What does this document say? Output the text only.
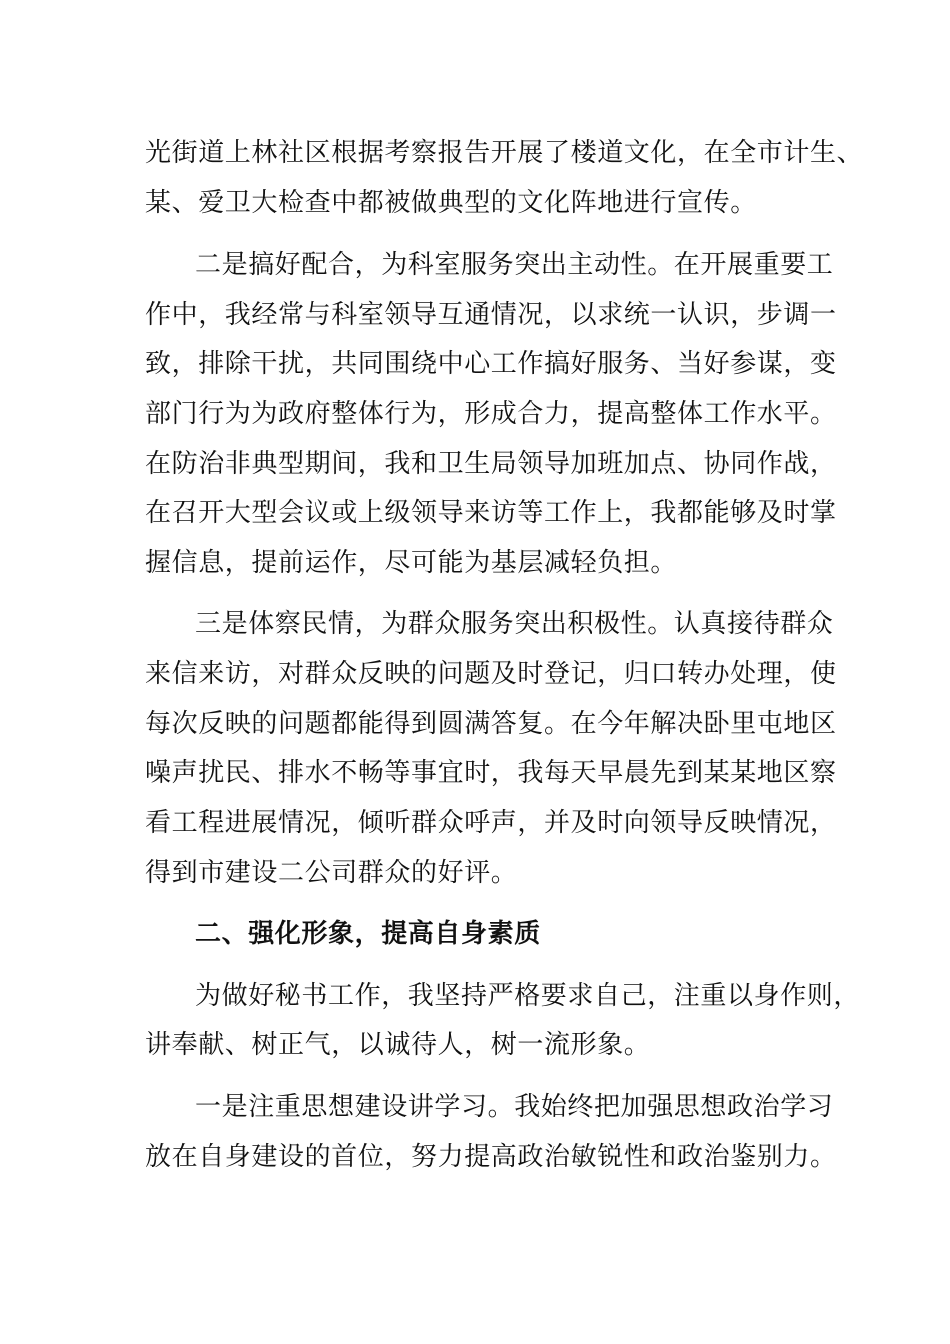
光街道上林社区根据考察报告开展了楼道文化，在全市计生、
某、爱卫大检查中都被做典型的文化阵地进行宣传。
二是搞好配合，为科室服务突出主动性。在开展重要工
作中，我经常与科室领导互通情况，以求统一认识，步调一
致，排除干扰，共同围绕中心工作搞好服务、当好参谋，变
部门行为为政府整体行为，形成合力，提高整体工作水平。
在防治非典型期间，我和卫生局领导加班加点、协同作战，
在召开大型会议或上级领导来访等工作上，我都能够及时掌
握信息，提前运作，尽可能为基层减轻负担。
三是体察民情，为群众服务突出积极性。认真接待群众
来信来访，对群众反映的问题及时登记，归口转办处理，使
每次反映的问题都能得到圆满答复。在今年解决卧里屯地区
噪声扰民、排水不畅等事宜时，我每天早晨先到某某地区察
看工程进展情况，倾听群众呼声，并及时向领导反映情况，
得到市建设二公司群众的好评。
二、强化形象，提高自身素质
为做好秘书工作，我坚持严格要求自己，注重以身作则，
讲奉献、树正气，以诚待人，树一流形象。
一是注重思想建设讲学习。我始终把加强思想政治学习
放在自身建设的首位，努力提高政治敏锐性和政治鉴别力。
